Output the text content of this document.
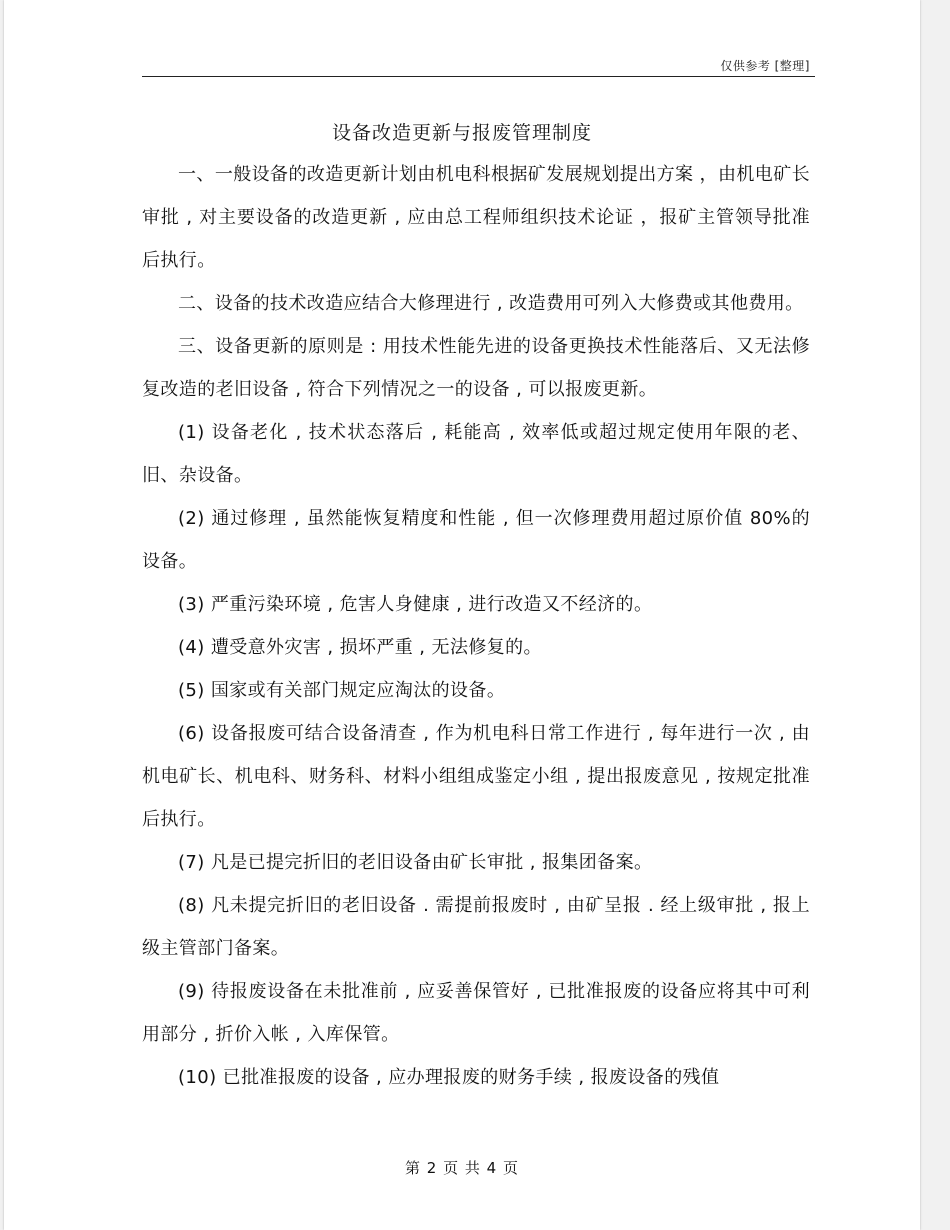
仅供参考 [整理]
设备改造更新与报废管理制度

一、一般设备的改造更新计划由机电科根据矿发展规划提出方案 ，由机电矿长审批 , 对主要设备的改造更新 , 应由总工程师组织技术论证 ，报矿主管领导批准后执行。

二、设备的技术改造应结合大修理进行 , 改造费用可列入大修费或其他费用。

三、设备更新的原则是 : 用技术性能先进的设备更换技术性能落后、又无法修复改造的老旧设备 , 符合下列情况之一的设备 , 可以报废更新。

(1) 设备老化 , 技术状态落后 , 耗能高 , 效率低或超过规定使用年限的老、旧、杂设备。

(2) 通过修理 , 虽然能恢复精度和性能 , 但一次修理费用超过原价值 80%的设备。

(3) 严重污染环境 , 危害人身健康 , 进行改造又不经济的。

(4) 遭受意外灾害 , 损坏严重 , 无法修复的。

(5) 国家或有关部门规定应淘汰的设备。

(6) 设备报废可结合设备清查 , 作为机电科日常工作进行 , 每年进行一次 , 由机电矿长、机电科、财务科、材料小组组成鉴定小组 , 提出报废意见 , 按规定批准后执行。

(7) 凡是已提完折旧的老旧设备由矿长审批 , 报集团备案。

(8) 凡未提完折旧的老旧设备 . 需提前报废时 , 由矿呈报 . 经上级审批 , 报上级主管部门备案。

(9) 待报废设备在未批准前 , 应妥善保管好 , 已批准报废的设备应将其中可利用部分 , 折价入帐 , 入库保管。

(10) 已批准报废的设备 , 应办理报废的财务手续 , 报废设备的残值

第 2 页 共 4 页
